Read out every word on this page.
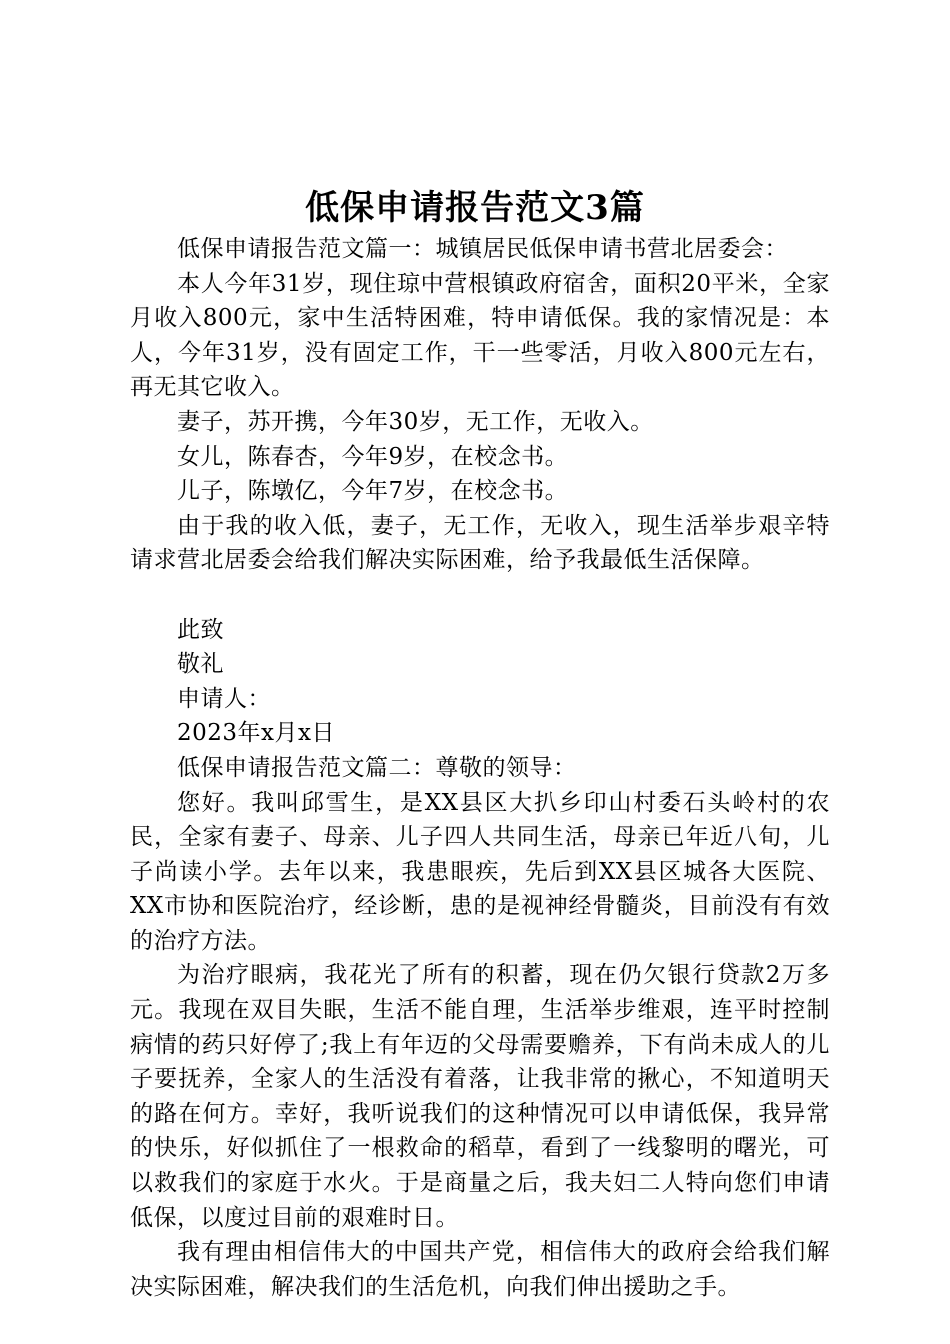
低保申请报告范文3篇

低保申请报告范文篇一：城镇居民低保申请书营北居委会：

本人今年31岁，现住琼中营根镇政府宿舍，面积20平米，全家月收入800元，家中生活特困难，特申请低保。我的家情况是：本人，今年31岁，没有固定工作，干一些零活，月收入800元左右，再无其它收入。

妻子，苏开携，今年30岁，无工作，无收入。

女儿，陈春杏，今年9岁，在校念书。

儿子，陈墩亿，今年7岁，在校念书。

由于我的收入低，妻子，无工作，无收入，现生活举步艰辛特请求营北居委会给我们解决实际困难，给予我最低生活保障。

此致

敬礼

申请人：

2023年x月x日

低保申请报告范文篇二：尊敬的领导：

您好。我叫邱雪生，是XX县区大扒乡印山村委石头岭村的农民，全家有妻子、母亲、儿子四人共同生活，母亲已年近八旬，儿子尚读小学。去年以来，我患眼疾，先后到XX县区城各大医院、XX市协和医院治疗，经诊断，患的是视神经骨髓炎，目前没有有效的治疗方法。

为治疗眼病，我花光了所有的积蓄，现在仍欠银行贷款2万多元。我现在双目失眠，生活不能自理，生活举步维艰，连平时控制病情的药只好停了;我上有年迈的父母需要赡养，下有尚未成人的儿子要抚养，全家人的生活没有着落，让我非常的揪心，不知道明天的路在何方。幸好，我听说我们的这种情况可以申请低保，我异常的快乐，好似抓住了一根救命的稻草，看到了一线黎明的曙光，可以救我们的家庭于水火。于是商量之后，我夫妇二人特向您们申请低保，以度过目前的艰难时日。

我有理由相信伟大的中国共产党，相信伟大的政府会给我们解决实际困难，解决我们的生活危机，向我们伸出援助之手。
